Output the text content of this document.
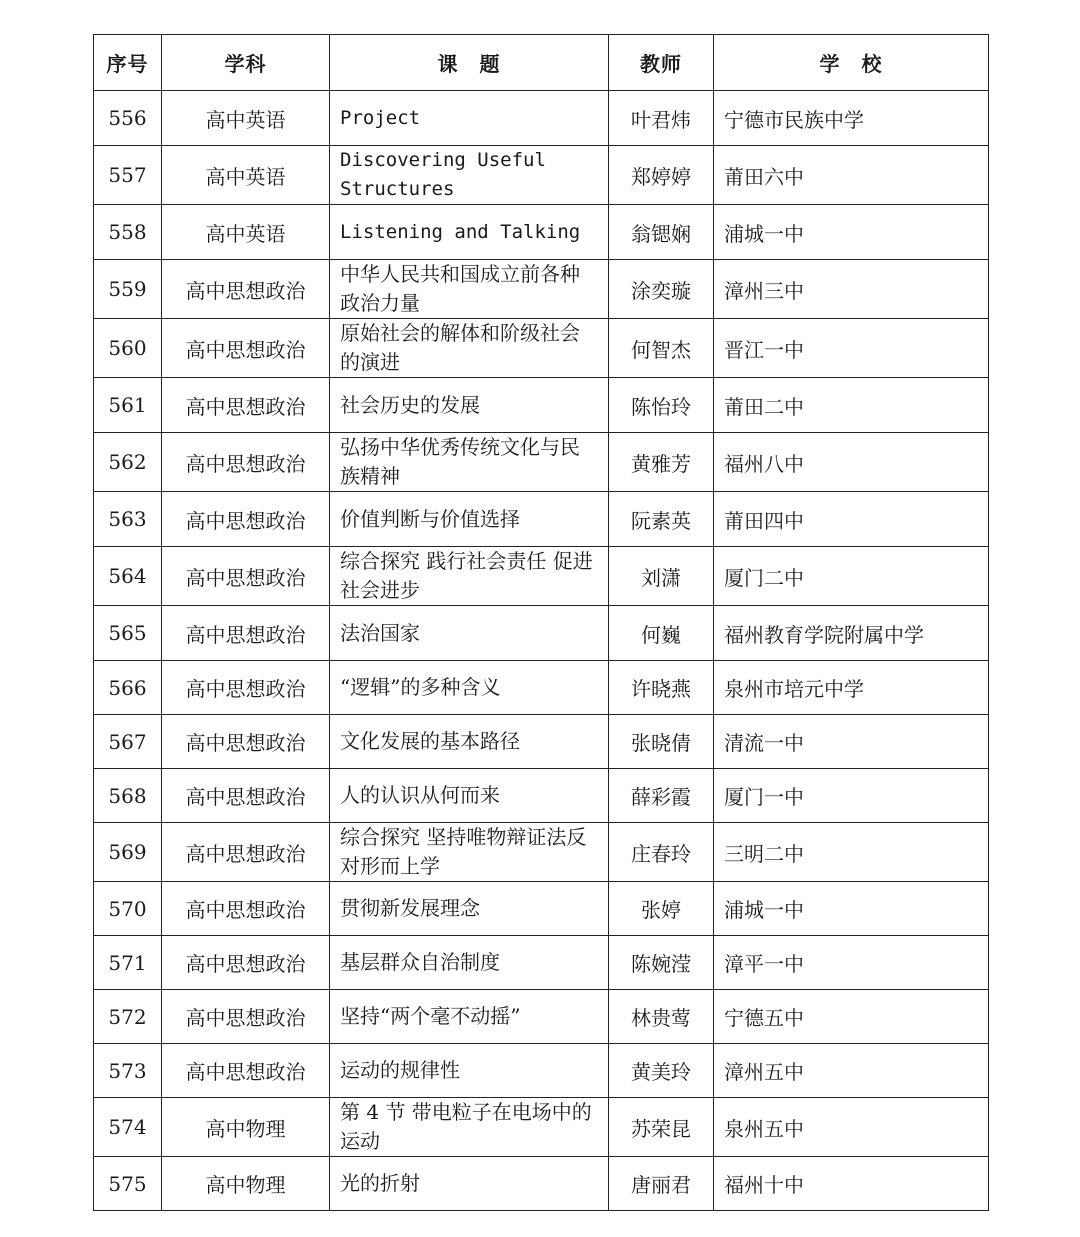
序号	学科	课　题	教师	学　校
556	高中英语	Project	叶君炜	宁德市民族中学
557	高中英语	Discovering Useful Structures	郑婷婷	莆田六中
558	高中英语	Listening and Talking	翁锶娴	浦城一中
559	高中思想政治	中华人民共和国成立前各种政治力量	涂奕璇	漳州三中
560	高中思想政治	原始社会的解体和阶级社会的演进	何智杰	晋江一中
561	高中思想政治	社会历史的发展	陈怡玲	莆田二中
562	高中思想政治	弘扬中华优秀传统文化与民族精神	黄雅芳	福州八中
563	高中思想政治	价值判断与价值选择	阮素英	莆田四中
564	高中思想政治	综合探究 践行社会责任 促进社会进步	刘潇	厦门二中
565	高中思想政治	法治国家	何巍	福州教育学院附属中学
566	高中思想政治	“逻辑”的多种含义	许晓燕	泉州市培元中学
567	高中思想政治	文化发展的基本路径	张晓倩	清流一中
568	高中思想政治	人的认识从何而来	薛彩霞	厦门一中
569	高中思想政治	综合探究 坚持唯物辩证法反对形而上学	庄春玲	三明二中
570	高中思想政治	贯彻新发展理念	张婷	浦城一中
571	高中思想政治	基层群众自治制度	陈婉滢	漳平一中
572	高中思想政治	坚持“两个毫不动摇”	林贵莺	宁德五中
573	高中思想政治	运动的规律性	黄美玲	漳州五中
574	高中物理	第 4 节 带电粒子在电场中的运动	苏荣昆	泉州五中
575	高中物理	光的折射	唐丽君	福州十中
